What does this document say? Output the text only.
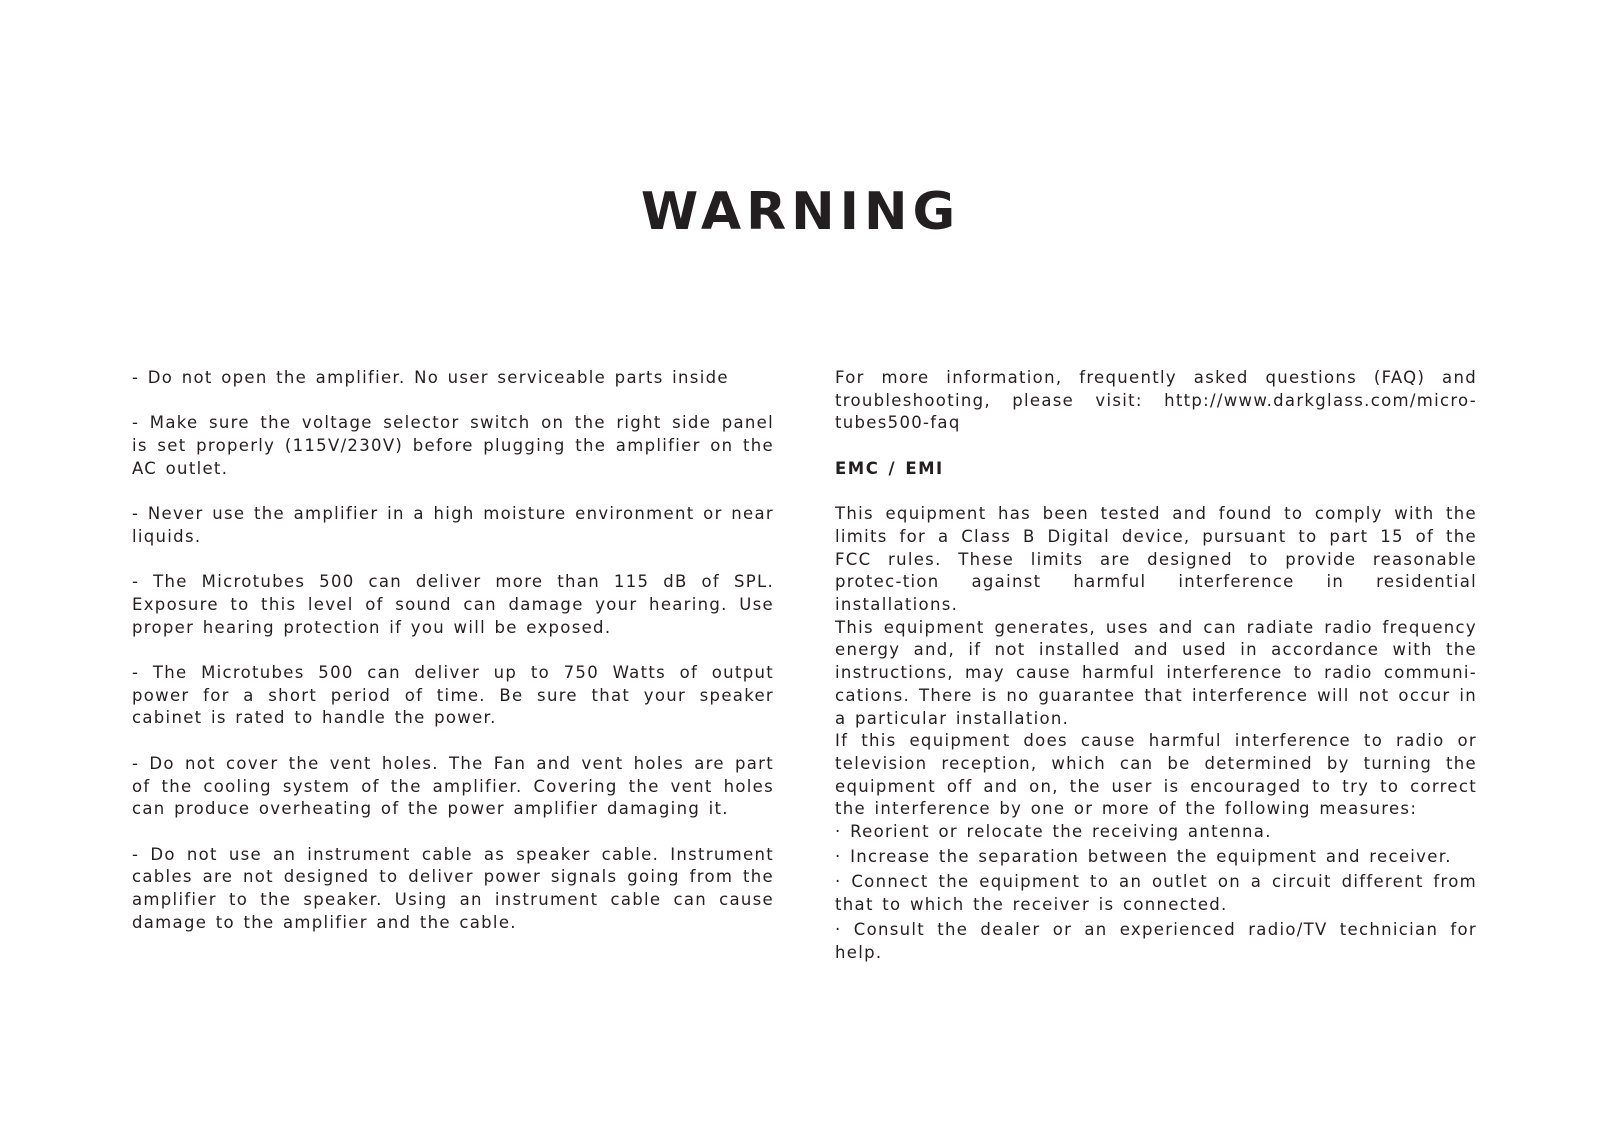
WARNING

- Do not open the amplifier. No user serviceable parts inside

- Make sure the voltage selector switch on the right side panel is set properly (115V/230V) before plugging the amplifier on the AC outlet.

- Never use the amplifier in a high moisture environment or near liquids.

- The Microtubes 500 can deliver more than 115 dB of SPL. Exposure to this level of sound can damage your hearing. Use proper hearing protection if you will be exposed.

- The Microtubes 500 can deliver up to 750 Watts of output power for a short period of time. Be sure that your speaker cabinet is rated to handle the power.

- Do not cover the vent holes. The Fan and vent holes are part of the cooling system of the amplifier. Covering the vent holes can produce overheating of the power amplifier damaging it.

- Do not use an instrument cable as speaker cable. Instrument cables are not designed to deliver power signals going from the amplifier to the speaker. Using an instrument cable can cause damage to the amplifier and the cable.

For more information, frequently asked questions (FAQ) and troubleshooting, please visit: http://www.darkglass.com/micro-tubes500-faq

EMC / EMI

This equipment has been tested and found to comply with the limits for a Class B Digital device, pursuant to part 15 of the FCC rules. These limits are designed to provide reasonable protec-tion against harmful interference in residential installations.

This equipment generates, uses and can radiate radio frequency energy and, if not installed and used in accordance with the instructions, may cause harmful interference to radio communi-cations. There is no guarantee that interference will not occur in a particular installation.

If this equipment does cause harmful interference to radio or television reception, which can be determined by turning the equipment off and on, the user is encouraged to try to correct the interference by one or more of the following measures:

· Reorient or relocate the receiving antenna.

· Increase the separation between the equipment and receiver.

· Connect the equipment to an outlet on a circuit different from that to which the receiver is connected.

· Consult the dealer or an experienced radio/TV technician for help.
